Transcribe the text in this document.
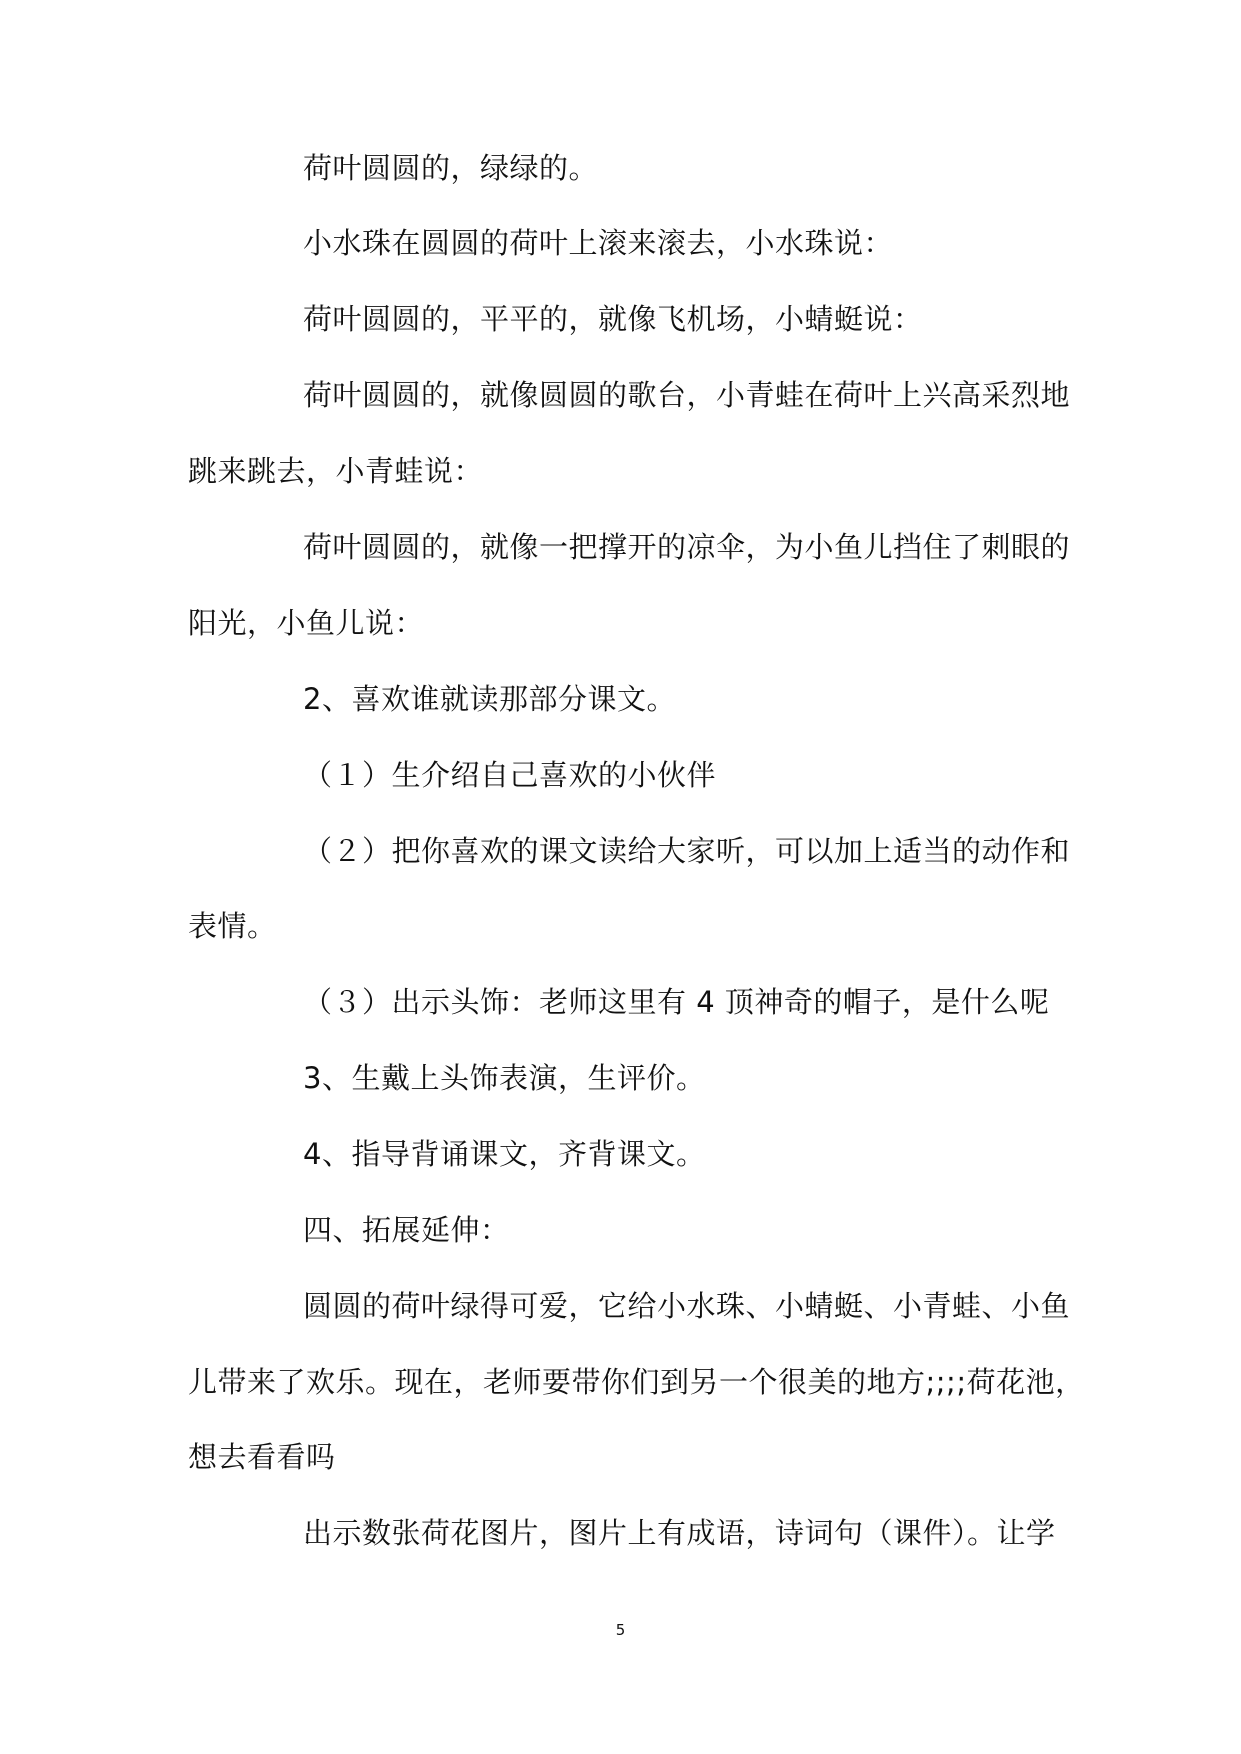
荷叶圆圆的，绿绿的。
小水珠在圆圆的荷叶上滚来滚去，小水珠说：
荷叶圆圆的，平平的，就像飞机场，小蜻蜓说：
荷叶圆圆的，就像圆圆的歌台，小青蛙在荷叶上兴高采烈地
跳来跳去，小青蛙说：
荷叶圆圆的，就像一把撑开的凉伞，为小鱼儿挡住了刺眼的
阳光，小鱼儿说：
2、喜欢谁就读那部分课文。
（１）生介绍自己喜欢的小伙伴
（２）把你喜欢的课文读给大家听，可以加上适当的动作和
表情。
（３）出示头饰：老师这里有 4 顶神奇的帽子，是什么呢
3、生戴上头饰表演，生评价。
4、指导背诵课文，齐背课文。
四、拓展延伸：
圆圆的荷叶绿得可爱，它给小水珠、小蜻蜓、小青蛙、小鱼
儿带来了欢乐。现在，老师要带你们到另一个很美的地方;;;;荷花池，
想去看看吗
出示数张荷花图片，图片上有成语，诗词句（课件）。让学
5
